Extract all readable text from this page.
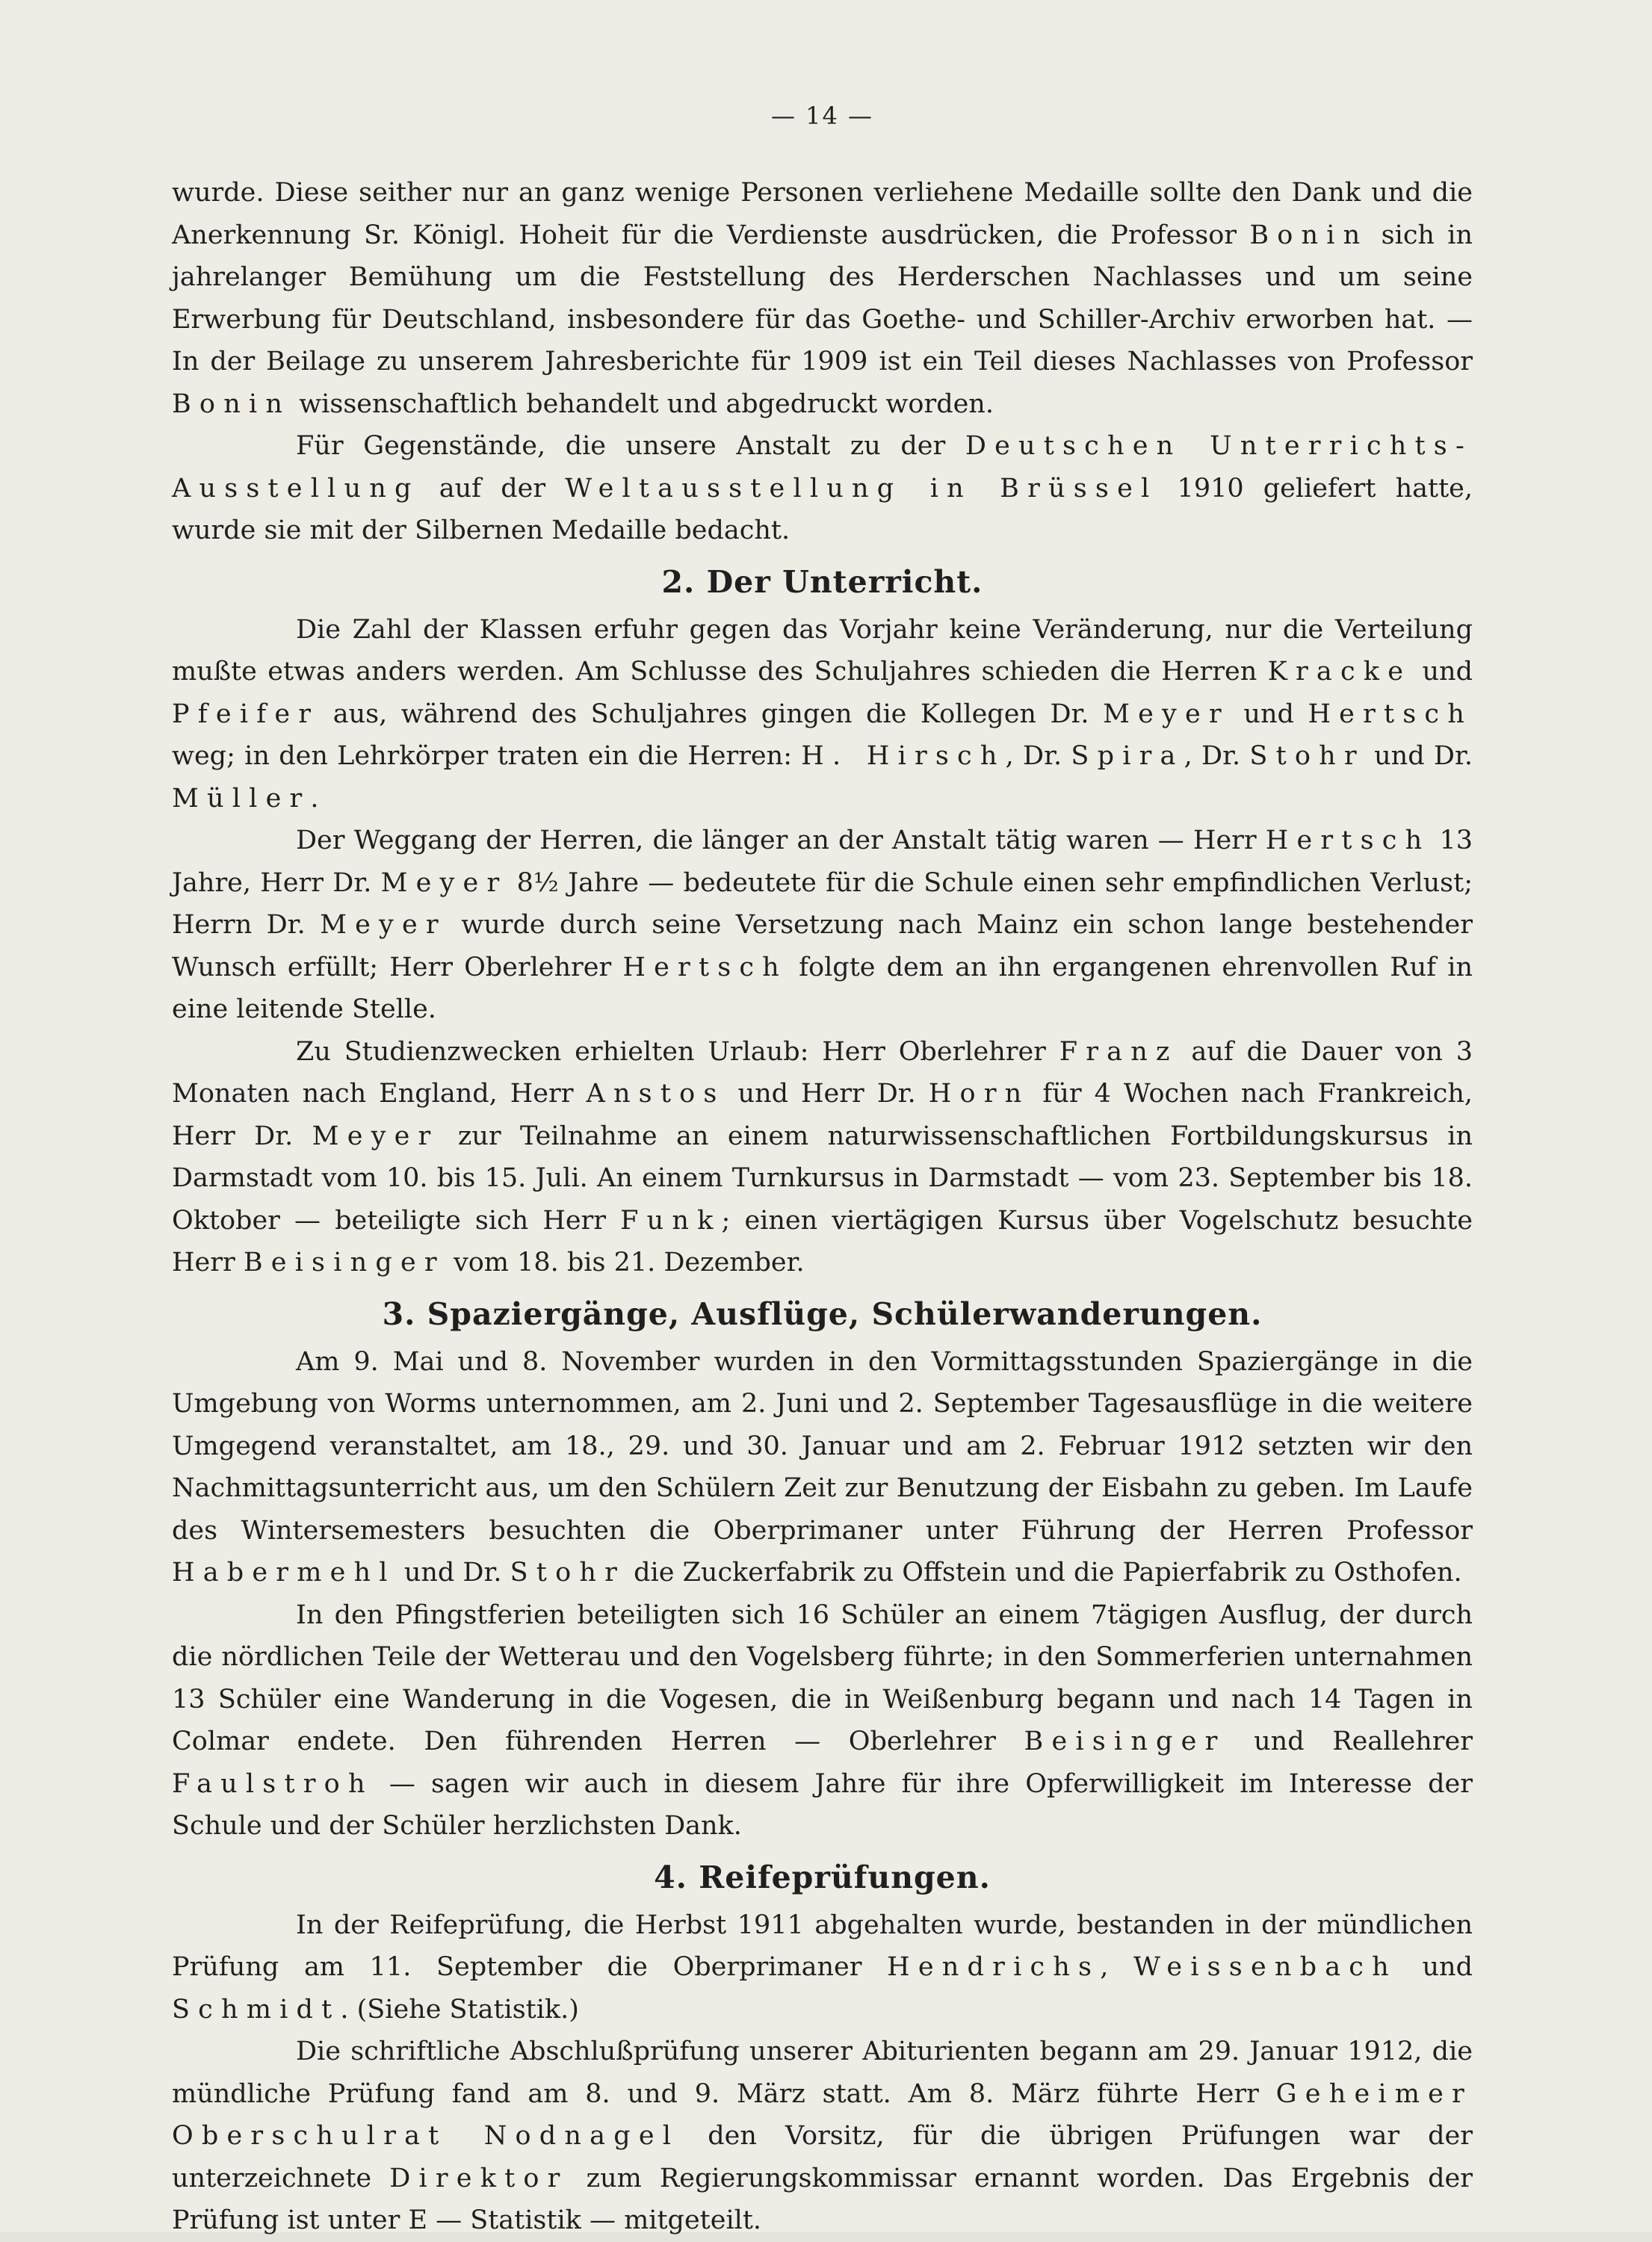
— 14 —

wurde. Diese seither nur an ganz wenige Personen verliehene Medaille sollte den Dank und die Anerkennung Sr. Königl. Hoheit für die Verdienste ausdrücken, die Professor Bonin sich in jahrelanger Bemühung um die Feststellung des Herderschen Nachlasses und um seine Erwerbung für Deutschland, insbesondere für das Goethe- und Schiller-Archiv erworben hat. — In der Beilage zu unserem Jahresberichte für 1909 ist ein Teil dieses Nachlasses von Professor Bonin wissenschaftlich behandelt und abgedruckt worden.

Für Gegenstände, die unsere Anstalt zu der Deutschen Unterrichts-Ausstellung auf der Weltausstellung in Brüssel 1910 geliefert hatte, wurde sie mit der Silbernen Medaille bedacht.

2. Der Unterricht.

Die Zahl der Klassen erfuhr gegen das Vorjahr keine Veränderung, nur die Verteilung mußte etwas anders werden. Am Schlusse des Schuljahres schieden die Herren Kracke und Pfeifer aus, während des Schuljahres gingen die Kollegen Dr. Meyer und Hertsch weg; in den Lehrkörper traten ein die Herren: H. Hirsch, Dr. Spira, Dr. Stohr und Dr. Müller.

Der Weggang der Herren, die länger an der Anstalt tätig waren — Herr Hertsch 13 Jahre, Herr Dr. Meyer 8½ Jahre — bedeutete für die Schule einen sehr empfindlichen Verlust; Herrn Dr. Meyer wurde durch seine Versetzung nach Mainz ein schon lange bestehender Wunsch erfüllt; Herr Oberlehrer Hertsch folgte dem an ihn ergangenen ehrenvollen Ruf in eine leitende Stelle.

Zu Studienzwecken erhielten Urlaub: Herr Oberlehrer Franz auf die Dauer von 3 Monaten nach England, Herr Anstos und Herr Dr. Horn für 4 Wochen nach Frankreich, Herr Dr. Meyer zur Teilnahme an einem naturwissenschaftlichen Fortbildungskursus in Darmstadt vom 10. bis 15. Juli. An einem Turnkursus in Darmstadt — vom 23. September bis 18. Oktober — beteiligte sich Herr Funk; einen viertägigen Kursus über Vogelschutz besuchte Herr Beisinger vom 18. bis 21. Dezember.

3. Spaziergänge, Ausflüge, Schülerwanderungen.

Am 9. Mai und 8. November wurden in den Vormittagsstunden Spaziergänge in die Umgebung von Worms unternommen, am 2. Juni und 2. September Tagesausflüge in die weitere Umgegend veranstaltet, am 18., 29. und 30. Januar und am 2. Februar 1912 setzten wir den Nachmittagsunterricht aus, um den Schülern Zeit zur Benutzung der Eisbahn zu geben. Im Laufe des Wintersemesters besuchten die Oberprimaner unter Führung der Herren Professor Habermehl und Dr. Stohr die Zuckerfabrik zu Offstein und die Papierfabrik zu Osthofen.

In den Pfingstferien beteiligten sich 16 Schüler an einem 7tägigen Ausflug, der durch die nördlichen Teile der Wetterau und den Vogelsberg führte; in den Sommerferien unternahmen 13 Schüler eine Wanderung in die Vogesen, die in Weißenburg begann und nach 14 Tagen in Colmar endete. Den führenden Herren — Oberlehrer Beisinger und Reallehrer Faulstroh — sagen wir auch in diesem Jahre für ihre Opferwilligkeit im Interesse der Schule und der Schüler herzlichsten Dank.

4. Reifeprüfungen.

In der Reifeprüfung, die Herbst 1911 abgehalten wurde, bestanden in der mündlichen Prüfung am 11. September die Oberprimaner Hendrichs, Weissenbach und Schmidt. (Siehe Statistik.)

Die schriftliche Abschlußprüfung unserer Abiturienten begann am 29. Januar 1912, die mündliche Prüfung fand am 8. und 9. März statt. Am 8. März führte Herr Geheimer Oberschulrat Nodnagel den Vorsitz, für die übrigen Prüfungen war der unterzeichnete Direktor zum Regierungskommissar ernannt worden. Das Ergebnis der Prüfung ist unter E — Statistik — mitgeteilt.
